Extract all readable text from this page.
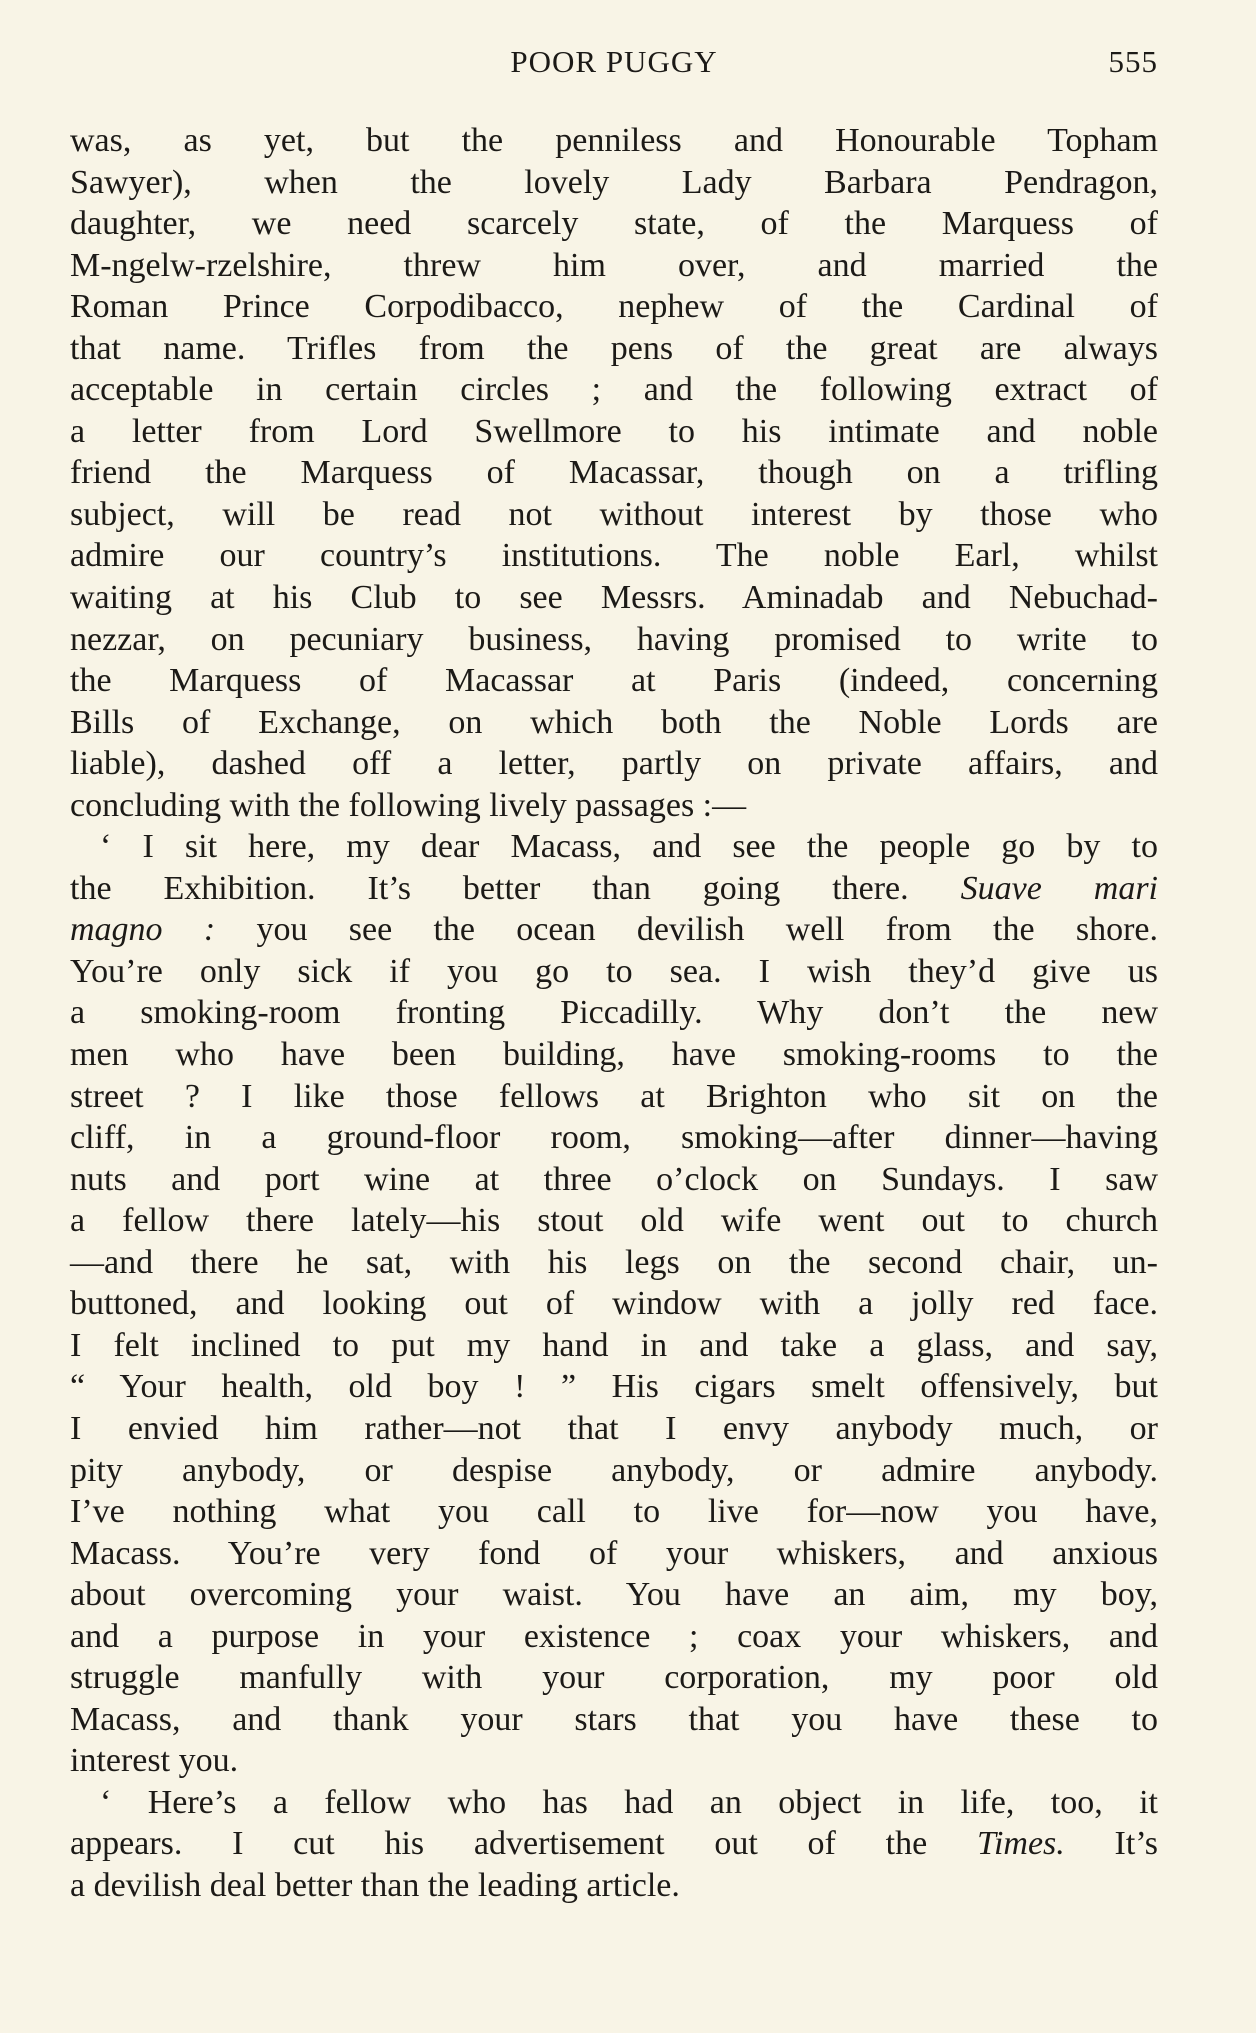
POOR PUGGY	555
was, as yet, but the penniless and Honourable Topham
Sawyer), when the lovely Lady Barbara Pendragon,
daughter, we need scarcely state, of the Marquess of
M-ngelw-rzelshire, threw him over, and married the
Roman Prince Corpodibacco, nephew of the Cardinal of
that name. Trifles from the pens of the great are always
acceptable in certain circles ; and the following extract of
a letter from Lord Swellmore to his intimate and noble
friend the Marquess of Macassar, though on a trifling
subject, will be read not without interest by those who
admire our country’s institutions. The noble Earl, whilst
waiting at his Club to see Messrs. Aminadab and Nebuchad-
nezzar, on pecuniary business, having promised to write to
the Marquess of Macassar at Paris (indeed, concerning
Bills of Exchange, on which both the Noble Lords are
liable), dashed off a letter, partly on private affairs, and
concluding with the following lively passages :—
‘ I sit here, my dear Macass, and see the people go by to
the Exhibition. It’s better than going there. Suave mari
magno : you see the ocean devilish well from the shore.
You’re only sick if you go to sea. I wish they’d give us
a smoking-room fronting Piccadilly. Why don’t the new
men who have been building, have smoking-rooms to the
street ? I like those fellows at Brighton who sit on the
cliff, in a ground-floor room, smoking—after dinner—having
nuts and port wine at three o’clock on Sundays. I saw
a fellow there lately—his stout old wife went out to church
—and there he sat, with his legs on the second chair, un-
buttoned, and looking out of window with a jolly red face.
I felt inclined to put my hand in and take a glass, and say,
“ Your health, old boy ! ” His cigars smelt offensively, but
I envied him rather—not that I envy anybody much, or
pity anybody, or despise anybody, or admire anybody.
I’ve nothing what you call to live for—now you have,
Macass. You’re very fond of your whiskers, and anxious
about overcoming your waist. You have an aim, my boy,
and a purpose in your existence ; coax your whiskers, and
struggle manfully with your corporation, my poor old
Macass, and thank your stars that you have these to
interest you.
‘ Here’s a fellow who has had an object in life, too, it
appears. I cut his advertisement out of the Times. It’s
a devilish deal better than the leading article.
